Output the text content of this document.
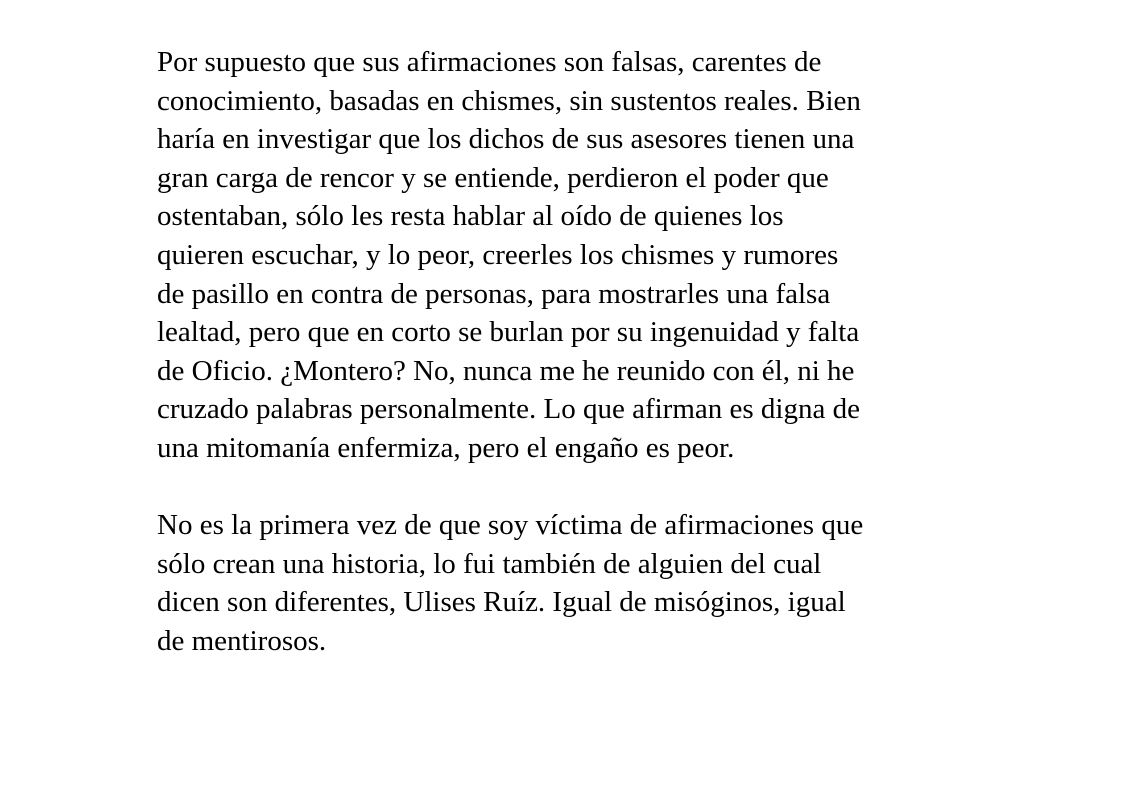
Por supuesto que sus afirmaciones son falsas, carentes de
conocimiento, basadas en chismes, sin sustentos reales. Bien
haría en investigar que los dichos de sus asesores tienen una
gran carga de rencor y se entiende, perdieron el poder que
ostentaban, sólo les resta hablar al oído de quienes los
quieren escuchar, y lo peor, creerles los chismes y rumores
de pasillo en contra de personas, para mostrarles una falsa
lealtad, pero que en corto se burlan por su ingenuidad y falta
de Oficio. ¿Montero? No, nunca me he reunido con él, ni he
cruzado palabras personalmente. Lo que afirman es digna de
una mitomanía enfermiza, pero el engaño es peor.

No es la primera vez de que soy víctima de afirmaciones que
sólo crean una historia, lo fui también de alguien del cual
dicen son diferentes, Ulises Ruíz. Igual de misóginos, igual
de mentirosos.
